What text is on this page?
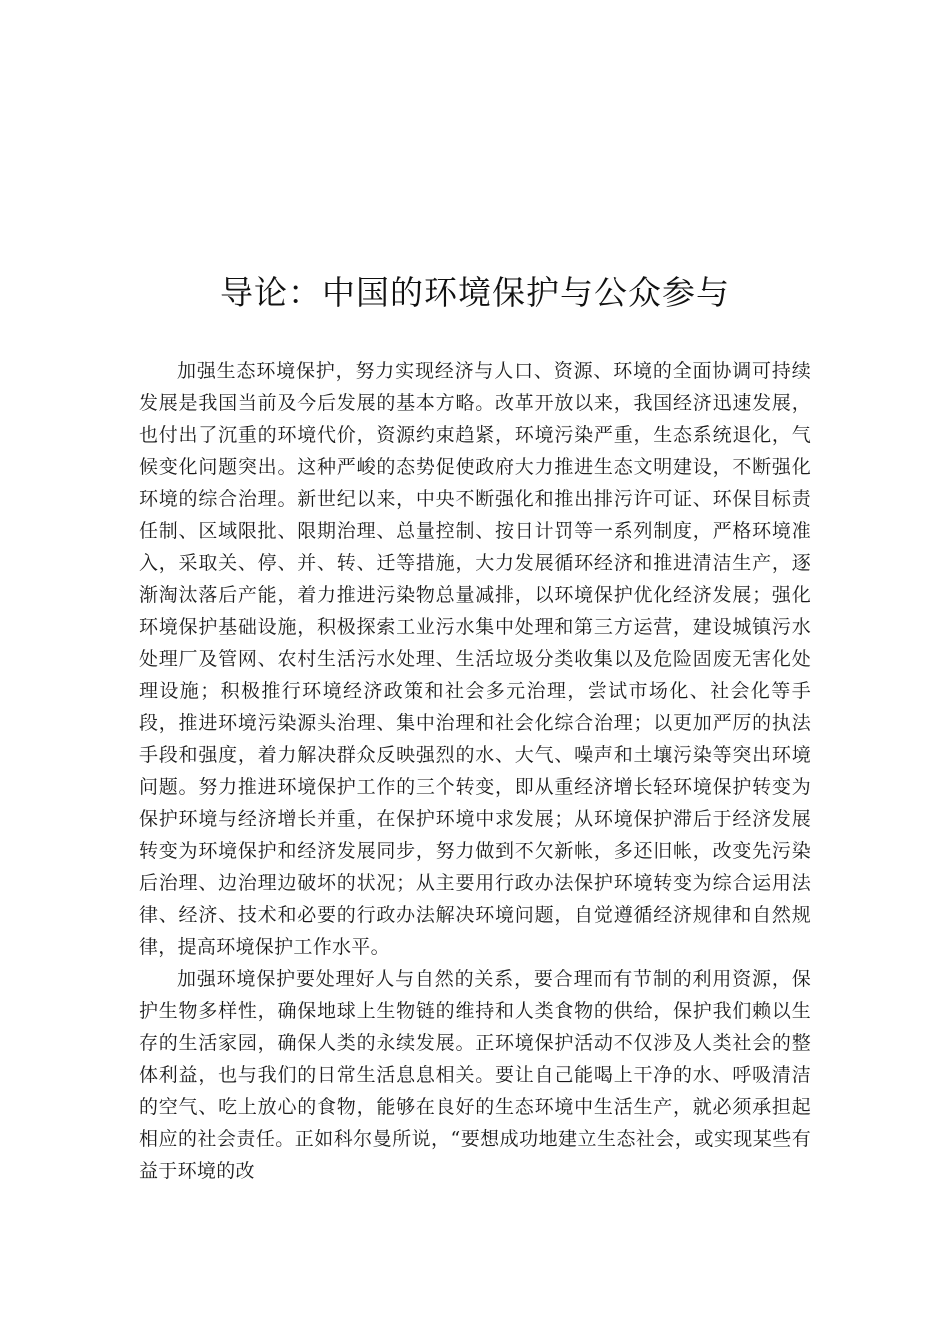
导论：中国的环境保护与公众参与

加强生态环境保护，努力实现经济与人口、资源、环境的全面协调可持续发展是我国当前及今后发展的基本方略。改革开放以来，我国经济迅速发展，也付出了沉重的环境代价，资源约束趋紧，环境污染严重，生态系统退化，气候变化问题突出。这种严峻的态势促使政府大力推进生态文明建设，不断强化环境的综合治理。新世纪以来，中央不断强化和推出排污许可证、环保目标责任制、区域限批、限期治理、总量控制、按日计罚等一系列制度，严格环境准入，采取关、停、并、转、迁等措施，大力发展循环经济和推进清洁生产，逐渐淘汰落后产能，着力推进污染物总量减排，以环境保护优化经济发展；强化环境保护基础设施，积极探索工业污水集中处理和第三方运营，建设城镇污水处理厂及管网、农村生活污水处理、生活垃圾分类收集以及危险固废无害化处理设施；积极推行环境经济政策和社会多元治理，尝试市场化、社会化等手段，推进环境污染源头治理、集中治理和社会化综合治理；以更加严厉的执法手段和强度，着力解决群众反映强烈的水、大气、噪声和土壤污染等突出环境问题。努力推进环境保护工作的三个转变，即从重经济增长轻环境保护转变为保护环境与经济增长并重，在保护环境中求发展；从环境保护滞后于经济发展转变为环境保护和经济发展同步，努力做到不欠新帐，多还旧帐，改变先污染后治理、边治理边破坏的状况；从主要用行政办法保护环境转变为综合运用法律、经济、技术和必要的行政办法解决环境问题，自觉遵循经济规律和自然规律，提高环境保护工作水平。

加强环境保护要处理好人与自然的关系，要合理而有节制的利用资源，保护生物多样性，确保地球上生物链的维持和人类食物的供给，保护我们赖以生存的生活家园，确保人类的永续发展。正环境保护活动不仅涉及人类社会的整体利益，也与我们的日常生活息息相关。要让自己能喝上干净的水、呼吸清洁的空气、吃上放心的食物，能够在良好的生态环境中生活生产，就必须承担起相应的社会责任。正如科尔曼所说，“要想成功地建立生态社会，或实现某些有益于环境的改
